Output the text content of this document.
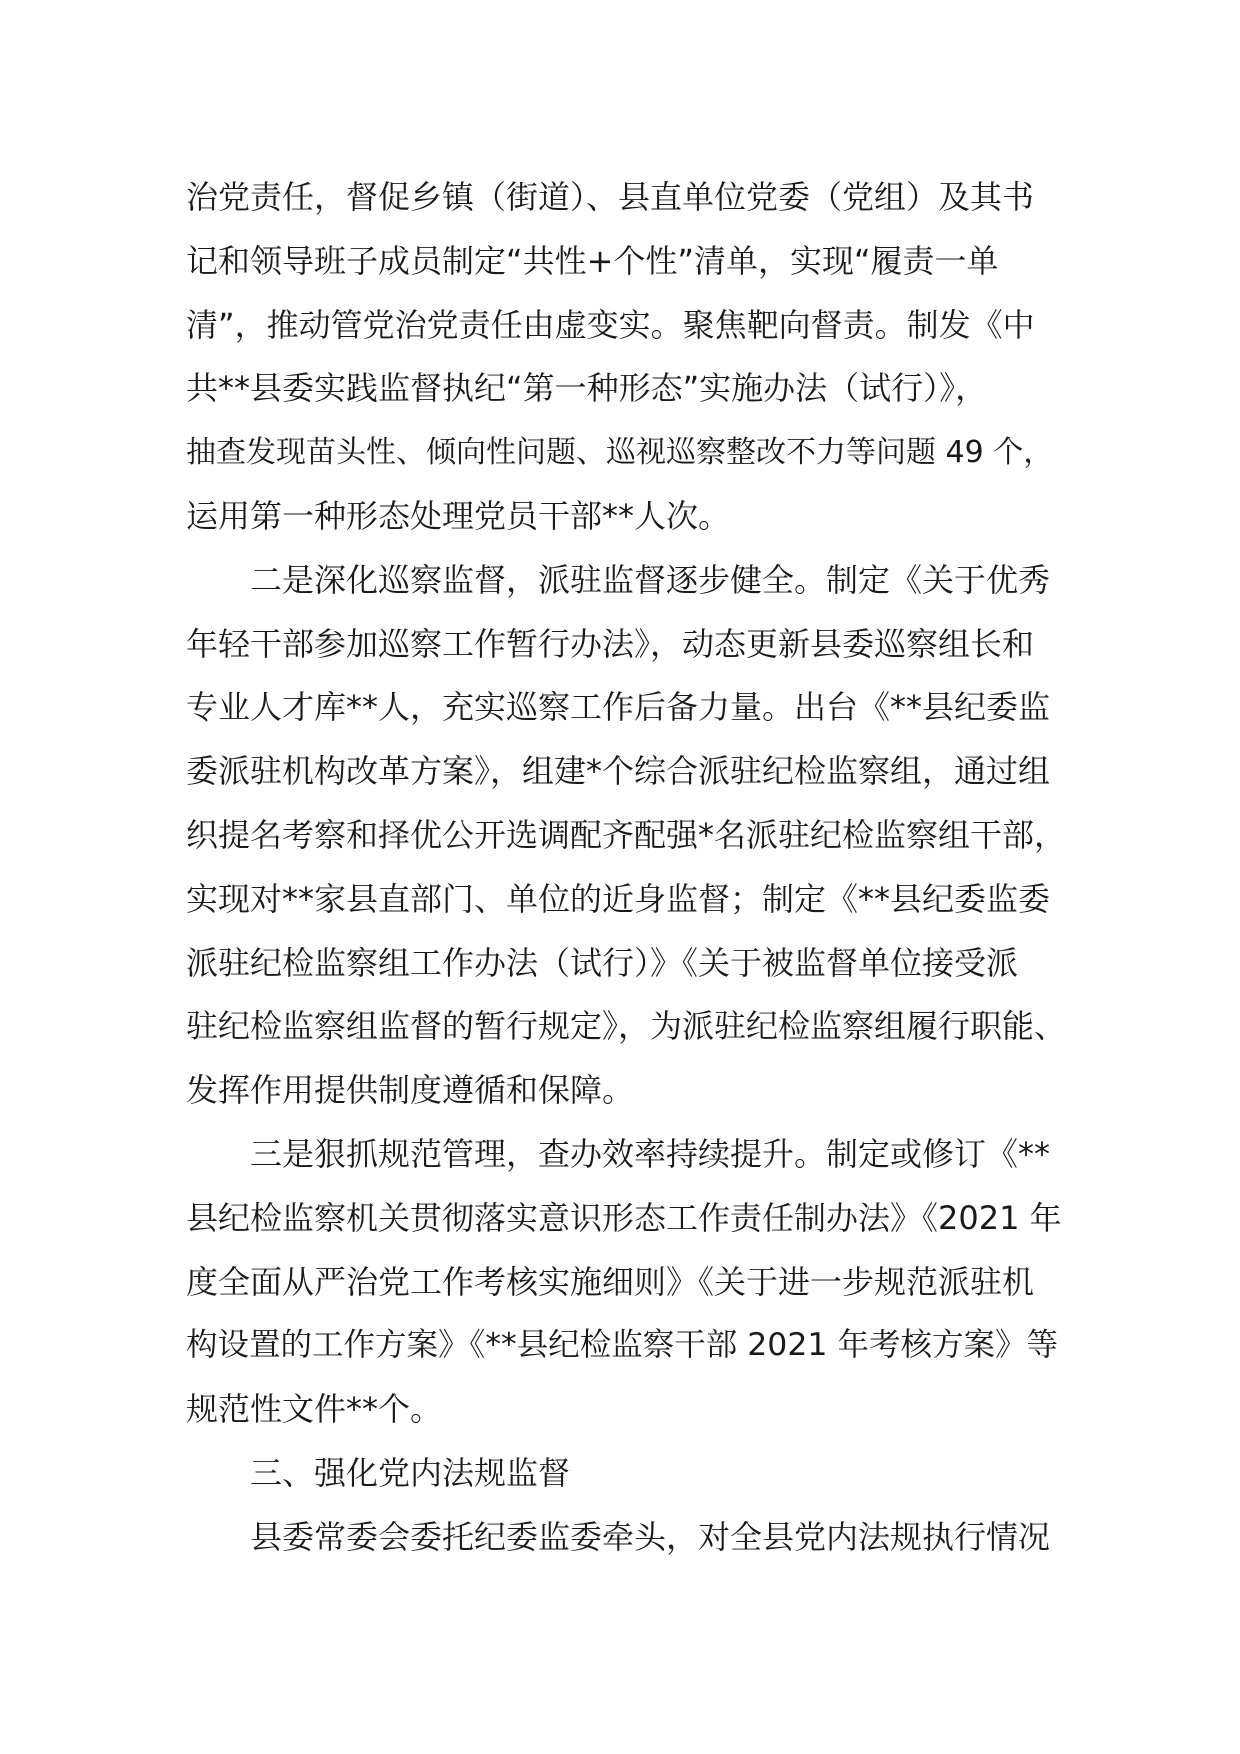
治党责任，督促乡镇（街道）、县直单位党委（党组）及其书
记和领导班子成员制定“共性+个性”清单，实现“履责一单
清”，推动管党治党责任由虚变实。聚焦靶向督责。制发《中
共**县委实践监督执纪“第一种形态”实施办法（试行）》，
抽查发现苗头性、倾向性问题、巡视巡察整改不力等问题 49 个，
运用第一种形态处理党员干部**人次。
二是深化巡察监督，派驻监督逐步健全。制定《关于优秀
年轻干部参加巡察工作暂行办法》，动态更新县委巡察组长和
专业人才库**人，充实巡察工作后备力量。出台《**县纪委监
委派驻机构改革方案》，组建*个综合派驻纪检监察组，通过组
织提名考察和择优公开选调配齐配强*名派驻纪检监察组干部，
实现对**家县直部门、单位的近身监督；制定《**县纪委监委
派驻纪检监察组工作办法（试行）》《关于被监督单位接受派
驻纪检监察组监督的暂行规定》，为派驻纪检监察组履行职能、
发挥作用提供制度遵循和保障。
三是狠抓规范管理，查办效率持续提升。制定或修订《**
县纪检监察机关贯彻落实意识形态工作责任制办法》《2021 年
度全面从严治党工作考核实施细则》《关于进一步规范派驻机
构设置的工作方案》《**县纪检监察干部 2021 年考核方案》等
规范性文件**个。
三、强化党内法规监督
县委常委会委托纪委监委牵头，对全县党内法规执行情况
